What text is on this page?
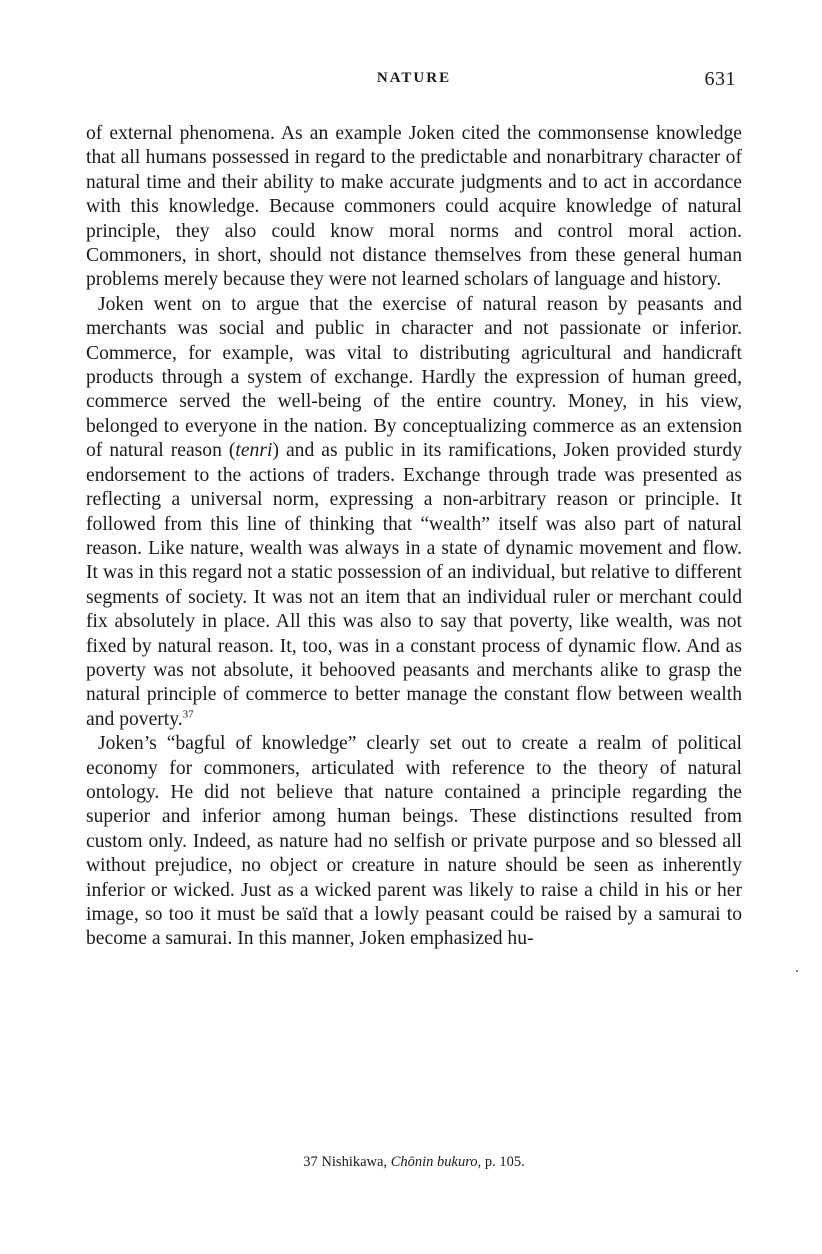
NATURE	631

of external phenomena. As an example Joken cited the commonsense knowledge that all humans possessed in regard to the predictable and nonarbitrary character of natural time and their ability to make accurate judgments and to act in accordance with this knowledge. Because commoners could acquire knowledge of natural principle, they also could know moral norms and control moral action. Commoners, in short, should not distance themselves from these general human problems merely because they were not learned scholars of language and history.

Joken went on to argue that the exercise of natural reason by peasants and merchants was social and public in character and not passionate or inferior. Commerce, for example, was vital to distributing agricultural and handicraft products through a system of exchange. Hardly the expression of human greed, commerce served the well-being of the entire country. Money, in his view, belonged to everyone in the nation. By conceptualizing commerce as an extension of natural reason (tenri) and as public in its ramifications, Joken provided sturdy endorsement to the actions of traders. Exchange through trade was presented as reflecting a universal norm, expressing a non-arbitrary reason or principle. It followed from this line of thinking that “wealth” itself was also part of natural reason. Like nature, wealth was always in a state of dynamic movement and flow. It was in this regard not a static possession of an individual, but relative to different segments of society. It was not an item that an individual ruler or merchant could fix absolutely in place. All this was also to say that poverty, like wealth, was not fixed by natural reason. It, too, was in a constant process of dynamic flow. And as poverty was not absolute, it behooved peasants and merchants alike to grasp the natural principle of commerce to better manage the constant flow between wealth and poverty.$^{37}$

Joken’s “bagful of knowledge” clearly set out to create a realm of political economy for commoners, articulated with reference to the theory of natural ontology. He did not believe that nature contained a principle regarding the superior and inferior among human beings. These distinctions resulted from custom only. Indeed, as nature had no selfish or private purpose and so blessed all without prejudice, no object or creature in nature should be seen as inherently inferior or wicked. Just as a wicked parent was likely to raise a child in his or her image, so too it must be saïd that a lowly peasant could be raised by a samurai to become a samurai. In this manner, Joken emphasized hu-

37 Nishikawa, Chōnin bukuro, p. 105.
